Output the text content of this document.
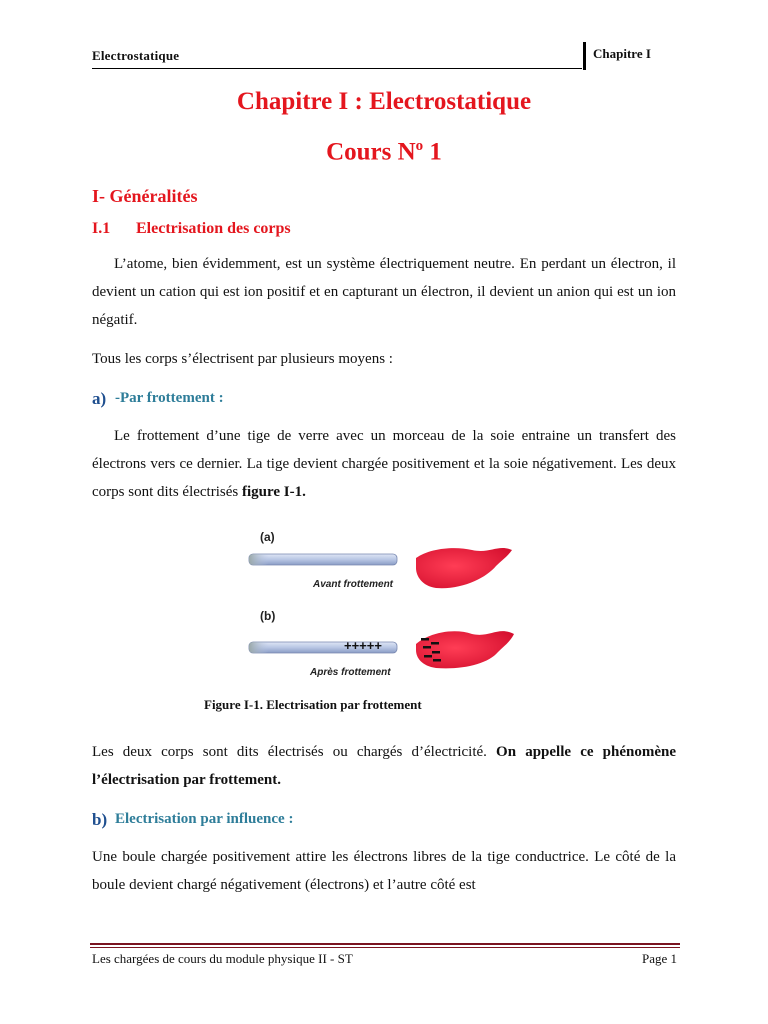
Electrostatique	Chapitre I
Chapitre I : Electrostatique
Cours $N^o$ 1
I- Généralités
I.1 Electrisation des corps
L’atome, bien évidemment, est un système électriquement neutre. En perdant un électron, il devient un cation qui est ion positif et en capturant un électron, il devient un anion qui est un ion négatif.
Tous les corps s’électrisent par plusieurs moyens :
a) -Par frottement :
Le frottement d’une tige de verre avec un morceau de la soie entraine un transfert des électrons vers ce dernier. La tige devient chargée positivement et la soie négativement. Les deux corps sont dits électrisés figure I-1.
(a)
Avant frottement
(b)
+++++
Après frottement
Figure I-1. Electrisation par frottement
Les deux corps sont dits électrisés ou chargés d’électricité. On appelle ce phénomène l’électrisation par frottement.
b) Electrisation par influence :
Une boule chargée positivement attire les électrons libres de la tige conductrice. Le côté de la boule devient chargé négativement (électrons) et l’autre côté est
Les chargées de cours du module physique II - ST	Page 1
